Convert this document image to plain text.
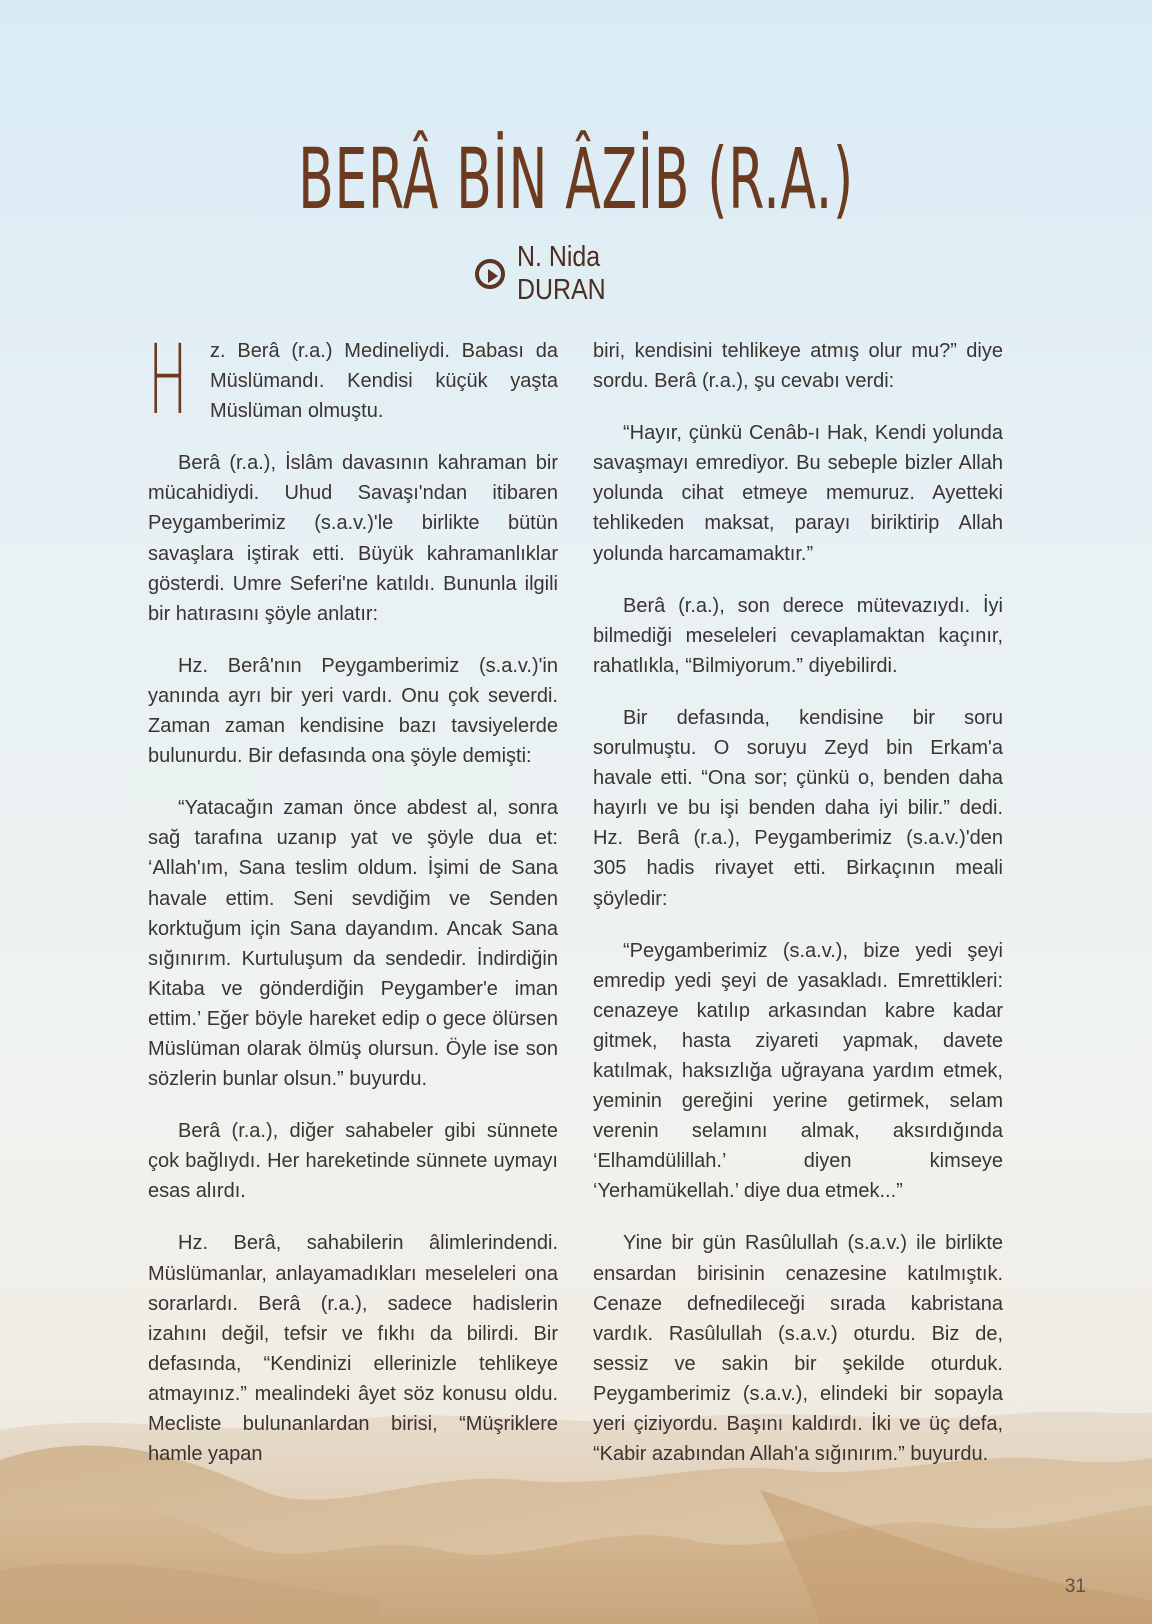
BERÂ BİN ÂZİB (R.A.)
N. Nida DURAN

H z. Berâ (r.a.) Medineliydi. Babası da Müslümandı. Kendisi küçük yaşta Müslüman olmuştu.

Berâ (r.a.), İslâm davasının kahraman bir mücahidiydi. Uhud Savaşı'ndan itibaren Peygamberimiz (s.a.v.)'le birlikte bütün savaşlara iştirak etti. Büyük kahramanlıklar gösterdi. Umre Seferi'ne katıldı. Bununla ilgili bir hatırasını şöyle anlatır:

Hz. Berâ'nın Peygamberimiz (s.a.v.)'in yanında ayrı bir yeri vardı. Onu çok severdi. Zaman zaman kendisine bazı tavsiyelerde bulunurdu. Bir defasında ona şöyle demişti:

“Yatacağın zaman önce abdest al, sonra sağ tarafına uzanıp yat ve şöyle dua et: ‘Allah'ım, Sana teslim oldum. İşimi de Sana havale ettim. Seni sevdiğim ve Senden korktuğum için Sana dayandım. Ancak Sana sığınırım. Kurtuluşum da sendedir. İndirdiğin Kitaba ve gönderdiğin Peygamber'e iman ettim.’ Eğer böyle hareket edip o gece ölürsen Müslüman olarak ölmüş olursun. Öyle ise son sözlerin bunlar olsun.” buyurdu.

Berâ (r.a.), diğer sahabeler gibi sünnete çok bağlıydı. Her hareketinde sünnete uymayı esas alırdı.

Hz. Berâ, sahabilerin âlimlerindendi. Müslümanlar, anlayamadıkları meseleleri ona sorarlardı. Berâ (r.a.), sadece hadislerin izahını değil, tefsir ve fıkhı da bilirdi. Bir defasında, “Kendinizi ellerinizle tehlikeye atmayınız.” mealindeki âyet söz konusu oldu. Mecliste bulunanlardan birisi, “Müşriklere hamle yapan

biri, kendisini tehlikeye atmış olur mu?” diye sordu. Berâ (r.a.), şu cevabı verdi:

“Hayır, çünkü Cenâb-ı Hak, Kendi yolunda savaşmayı emrediyor. Bu sebeple bizler Allah yolunda cihat etmeye memuruz. Ayetteki tehlikeden maksat, parayı biriktirip Allah yolunda harcamamaktır.”

Berâ (r.a.), son derece mütevazıydı. İyi bilmediği meseleleri cevaplamaktan kaçınır, rahatlıkla, “Bilmiyorum.” diyebilirdi.

Bir defasında, kendisine bir soru sorulmuştu. O soruyu Zeyd bin Erkam'a havale etti. “Ona sor; çünkü o, benden daha hayırlı ve bu işi benden daha iyi bilir.” dedi. Hz. Berâ (r.a.), Peygamberimiz (s.a.v.)'den 305 hadis rivayet etti. Birkaçının meali şöyledir:

“Peygamberimiz (s.a.v.), bize yedi şeyi emredip yedi şeyi de yasakladı. Emrettikleri: cenazeye katılıp arkasından kabre kadar gitmek, hasta ziyareti yapmak, davete katılmak, haksızlığa uğrayana yardım etmek, yeminin gereğini yerine getirmek, selam verenin selamını almak, aksırdığında ‘Elhamdülillah.’ diyen kimseye ‘Yerhamükellah.’ diye dua etmek...”

Yine bir gün Rasûlullah (s.a.v.) ile birlikte ensardan birisinin cenazesine katılmıştık. Cenaze defnedileceği sırada kabristana vardık. Rasûlullah (s.a.v.) oturdu. Biz de, sessiz ve sakin bir şekilde oturduk. Peygamberimiz (s.a.v.), elindeki bir sopayla yeri çiziyordu. Başını kaldırdı. İki ve üç defa, “Kabir azabından Allah'a sığınırım.” buyurdu.

31
